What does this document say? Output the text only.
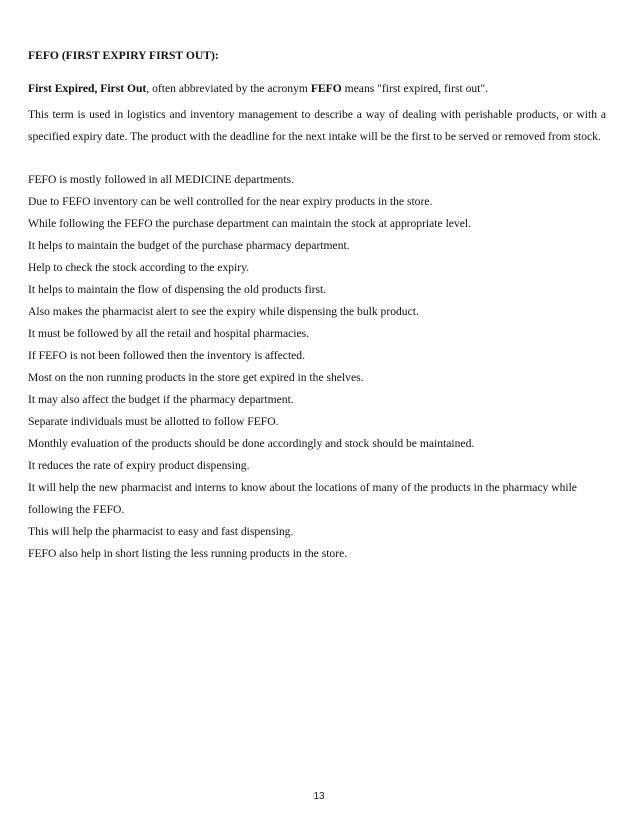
FEFO (FIRST EXPIRY FIRST OUT):

First Expired, First Out, often abbreviated by the acronym FEFO means "first expired, first out".

This term is used in logistics and inventory management to describe a way of dealing with perishable products, or with a specified expiry date. The product with the deadline for the next intake will be the first to be served or removed from stock.

FEFO is mostly followed in all MEDICINE departments.
Due to FEFO inventory can be well controlled for the near expiry products in the store.
While following the FEFO the purchase department can maintain the stock at appropriate level.
It helps to maintain the budget of the purchase pharmacy department.
Help to check the stock according to the expiry.
It helps to maintain the flow of dispensing the old products first.
Also makes the pharmacist alert to see the expiry while dispensing the bulk product.
It must be followed by all the retail and hospital pharmacies.
If FEFO is not been followed then the inventory is affected.
Most on the non running products in the store get expired in the shelves.
It may also affect the budget if the pharmacy department.
Separate individuals must be allotted to follow FEFO.
Monthly evaluation of the products should be done accordingly and stock should be maintained.
It reduces the rate of expiry product dispensing.
It will help the new pharmacist and interns to know about the locations of many of the products in the pharmacy while following the FEFO.
This will help the pharmacist to easy and fast dispensing.
FEFO also help in short listing the less running products in the store.
13
